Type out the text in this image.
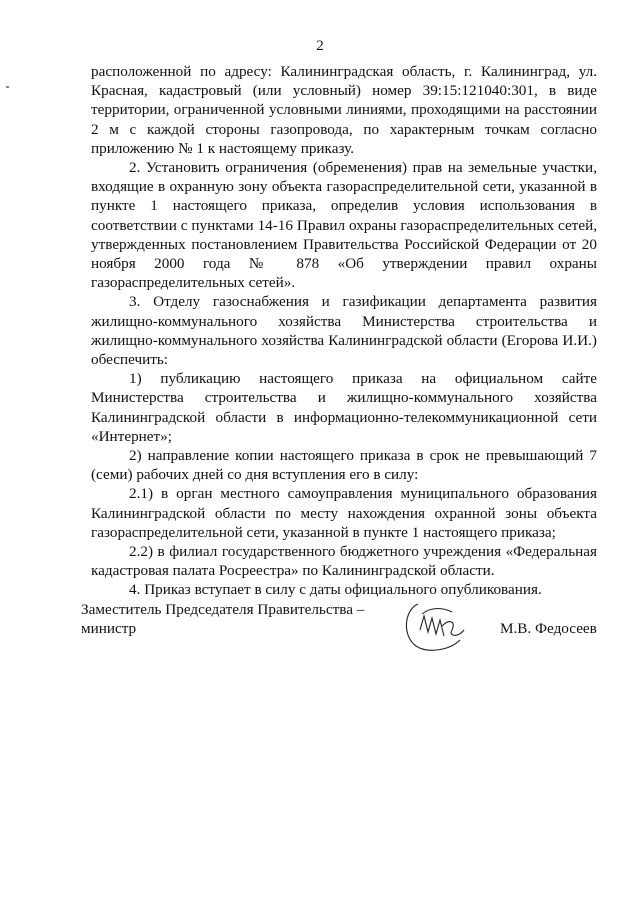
2

расположенной по адресу: Калининградская область, г. Калининград, ул. Красная, кадастровый (или условный) номер 39:15:121040:301, в виде территории, ограниченной условными линиями, проходящими на расстоянии 2 м с каждой стороны газопровода, по характерным точкам согласно приложению № 1 к настоящему приказу.

2. Установить ограничения (обременения) прав на земельные участки, входящие в охранную зону объекта газораспределительной сети, указанной в пункте 1 настоящего приказа, определив условия использования в соответствии с пунктами 14-16 Правил охраны газораспределительных сетей, утвержденных постановлением Правительства Российской Федерации от 20 ноября 2000 года № 878 «Об утверждении правил охраны газораспределительных сетей».

3. Отделу газоснабжения и газификации департамента развития жилищно-коммунального хозяйства Министерства строительства и жилищно-коммунального хозяйства Калининградской области (Егорова И.И.) обеспечить:

1) публикацию настоящего приказа на официальном сайте Министерства строительства и жилищно-коммунального хозяйства Калининградской области в информационно-телекоммуникационной сети «Интернет»;

2) направление копии настоящего приказа в срок не превышающий 7 (семи) рабочих дней со дня вступления его в силу:

2.1) в орган местного самоуправления муниципального образования Калининградской области по месту нахождения охранной зоны объекта газораспределительной сети, указанной в пункте 1 настоящего приказа;

2.2) в филиал государственного бюджетного учреждения «Федеральная кадастровая палата Росреестра» по Калининградской области.

4. Приказ вступает в силу с даты официального опубликования.

Заместитель Председателя Правительства –
министр	М.В. Федосеев
